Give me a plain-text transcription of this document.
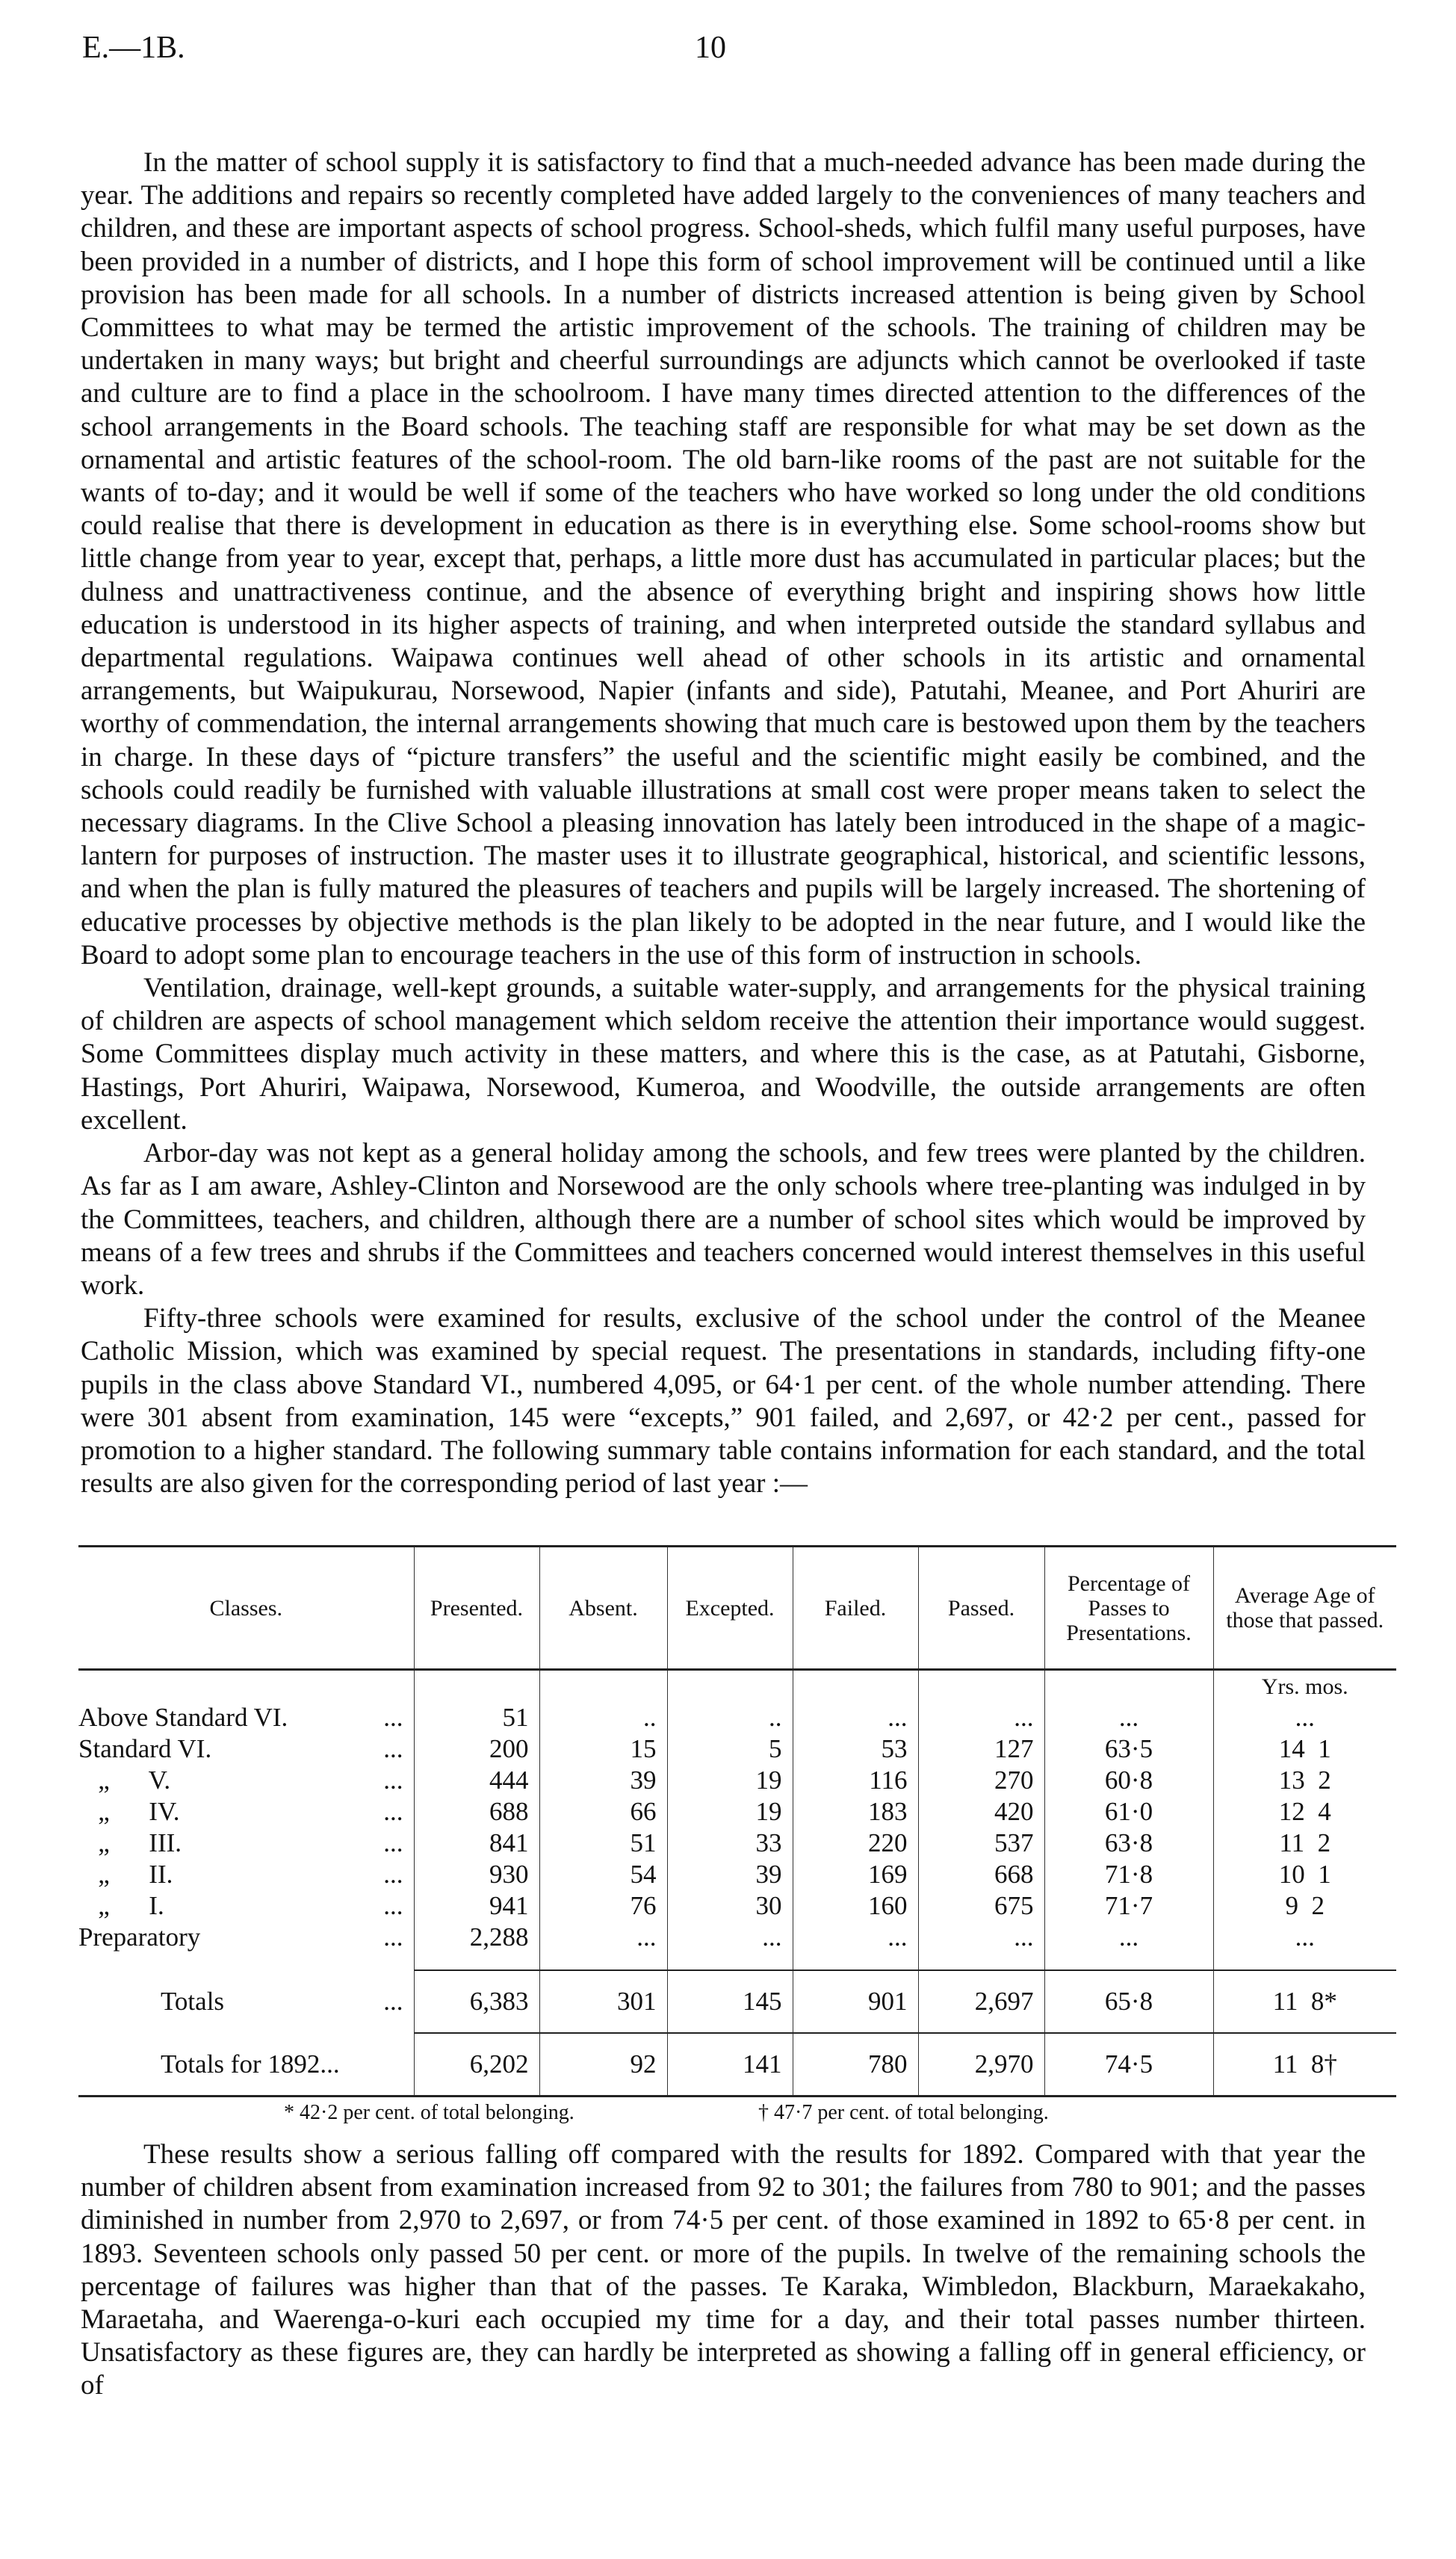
E.—1B.	10

In the matter of school supply it is satisfactory to find that a much-needed advance has been made during the year. The additions and repairs so recently completed have added largely to the conveniences of many teachers and children, and these are important aspects of school progress. School-sheds, which fulfil many useful purposes, have been provided in a number of districts, and I hope this form of school improvement will be continued until a like provision has been made for all schools. In a number of districts increased attention is being given by School Committees to what may be termed the artistic improvement of the schools. The training of children may be undertaken in many ways; but bright and cheerful surroundings are adjuncts which cannot be overlooked if taste and culture are to find a place in the schoolroom. I have many times directed attention to the differences of the school arrangements in the Board schools. The teaching staff are responsible for what may be set down as the ornamental and artistic features of the school-room. The old barn-like rooms of the past are not suitable for the wants of to-day; and it would be well if some of the teachers who have worked so long under the old conditions could realise that there is development in education as there is in everything else. Some school-rooms show but little change from year to year, except that, perhaps, a little more dust has accumulated in particular places; but the dulness and unattractiveness continue, and the absence of everything bright and inspiring shows how little education is understood in its higher aspects of training, and when interpreted outside the standard syllabus and departmental regulations. Waipawa continues well ahead of other schools in its artistic and ornamental arrangements, but Waipukurau, Norsewood, Napier (infants and side), Patutahi, Meanee, and Port Ahuriri are worthy of commendation, the internal arrangements showing that much care is bestowed upon them by the teachers in charge. In these days of “picture transfers” the useful and the scientific might easily be combined, and the schools could readily be furnished with valuable illustrations at small cost were proper means taken to select the necessary diagrams. In the Clive School a pleasing innovation has lately been introduced in the shape of a magic-lantern for purposes of instruction. The master uses it to illustrate geographical, historical, and scientific lessons, and when the plan is fully matured the pleasures of teachers and pupils will be largely increased. The shortening of educative processes by objective methods is the plan likely to be adopted in the near future, and I would like the Board to adopt some plan to encourage teachers in the use of this form of instruction in schools.

Ventilation, drainage, well-kept grounds, a suitable water-supply, and arrangements for the physical training of children are aspects of school management which seldom receive the attention their importance would suggest. Some Committees display much activity in these matters, and where this is the case, as at Patutahi, Gisborne, Hastings, Port Ahuriri, Waipawa, Norsewood, Kumeroa, and Woodville, the outside arrangements are often excellent.

Arbor-day was not kept as a general holiday among the schools, and few trees were planted by the children. As far as I am aware, Ashley-Clinton and Norsewood are the only schools where tree-planting was indulged in by the Committees, teachers, and children, although there are a number of school sites which would be improved by means of a few trees and shrubs if the Committees and teachers concerned would interest themselves in this useful work.

Fifty-three schools were examined for results, exclusive of the school under the control of the Meanee Catholic Mission, which was examined by special request. The presentations in standards, including fifty-one pupils in the class above Standard VI., numbered 4,095, or 64·1 per cent. of the whole number attending. There were 301 absent from examination, 145 were “excepts,” 901 failed, and 2,697, or 42·2 per cent., passed for promotion to a higher standard. The following summary table contains information for each standard, and the total results are also given for the corresponding period of last year :—

Classes.	Presented.	Absent.	Excepted.	Failed.	Passed.	Percentage of Passes to Presentations.	Average Age of those that passed.
							Yrs. mos.
Above Standard VI. ...	51	..	..	...	...	...	...
Standard VI. ...	200	15	5	53	127	63·5	14  1
„      V. ...	444	39	19	116	270	60·8	13  2
„      IV. ...	688	66	19	183	420	61·0	12  4
„      III. ...	841	51	33	220	537	63·8	11  2
„      II. ...	930	54	39	169	668	71·8	10  1
„      I. ...	941	76	30	160	675	71·7	9  2
Preparatory ...	2,288	...	...	...	...	...	...

Totals ...	6,383	301	145	901	2,697	65·8	11  8*
Totals for 1892...	6,202	92	141	780	2,970	74·5	11  8†
* 42·2 per cent. of total belonging.	† 47·7 per cent. of total belonging.

These results show a serious falling off compared with the results for 1892. Compared with that year the number of children absent from examination increased from 92 to 301; the failures from 780 to 901; and the passes diminished in number from 2,970 to 2,697, or from 74·5 per cent. of those examined in 1892 to 65·8 per cent. in 1893. Seventeen schools only passed 50 per cent. or more of the pupils. In twelve of the remaining schools the percentage of failures was higher than that of the passes. Te Karaka, Wimbledon, Blackburn, Maraekakaho, Maraetaha, and Waerenga-o-kuri each occupied my time for a day, and their total passes number thirteen. Unsatisfactory as these figures are, they can hardly be interpreted as showing a falling off in general efficiency, or of
